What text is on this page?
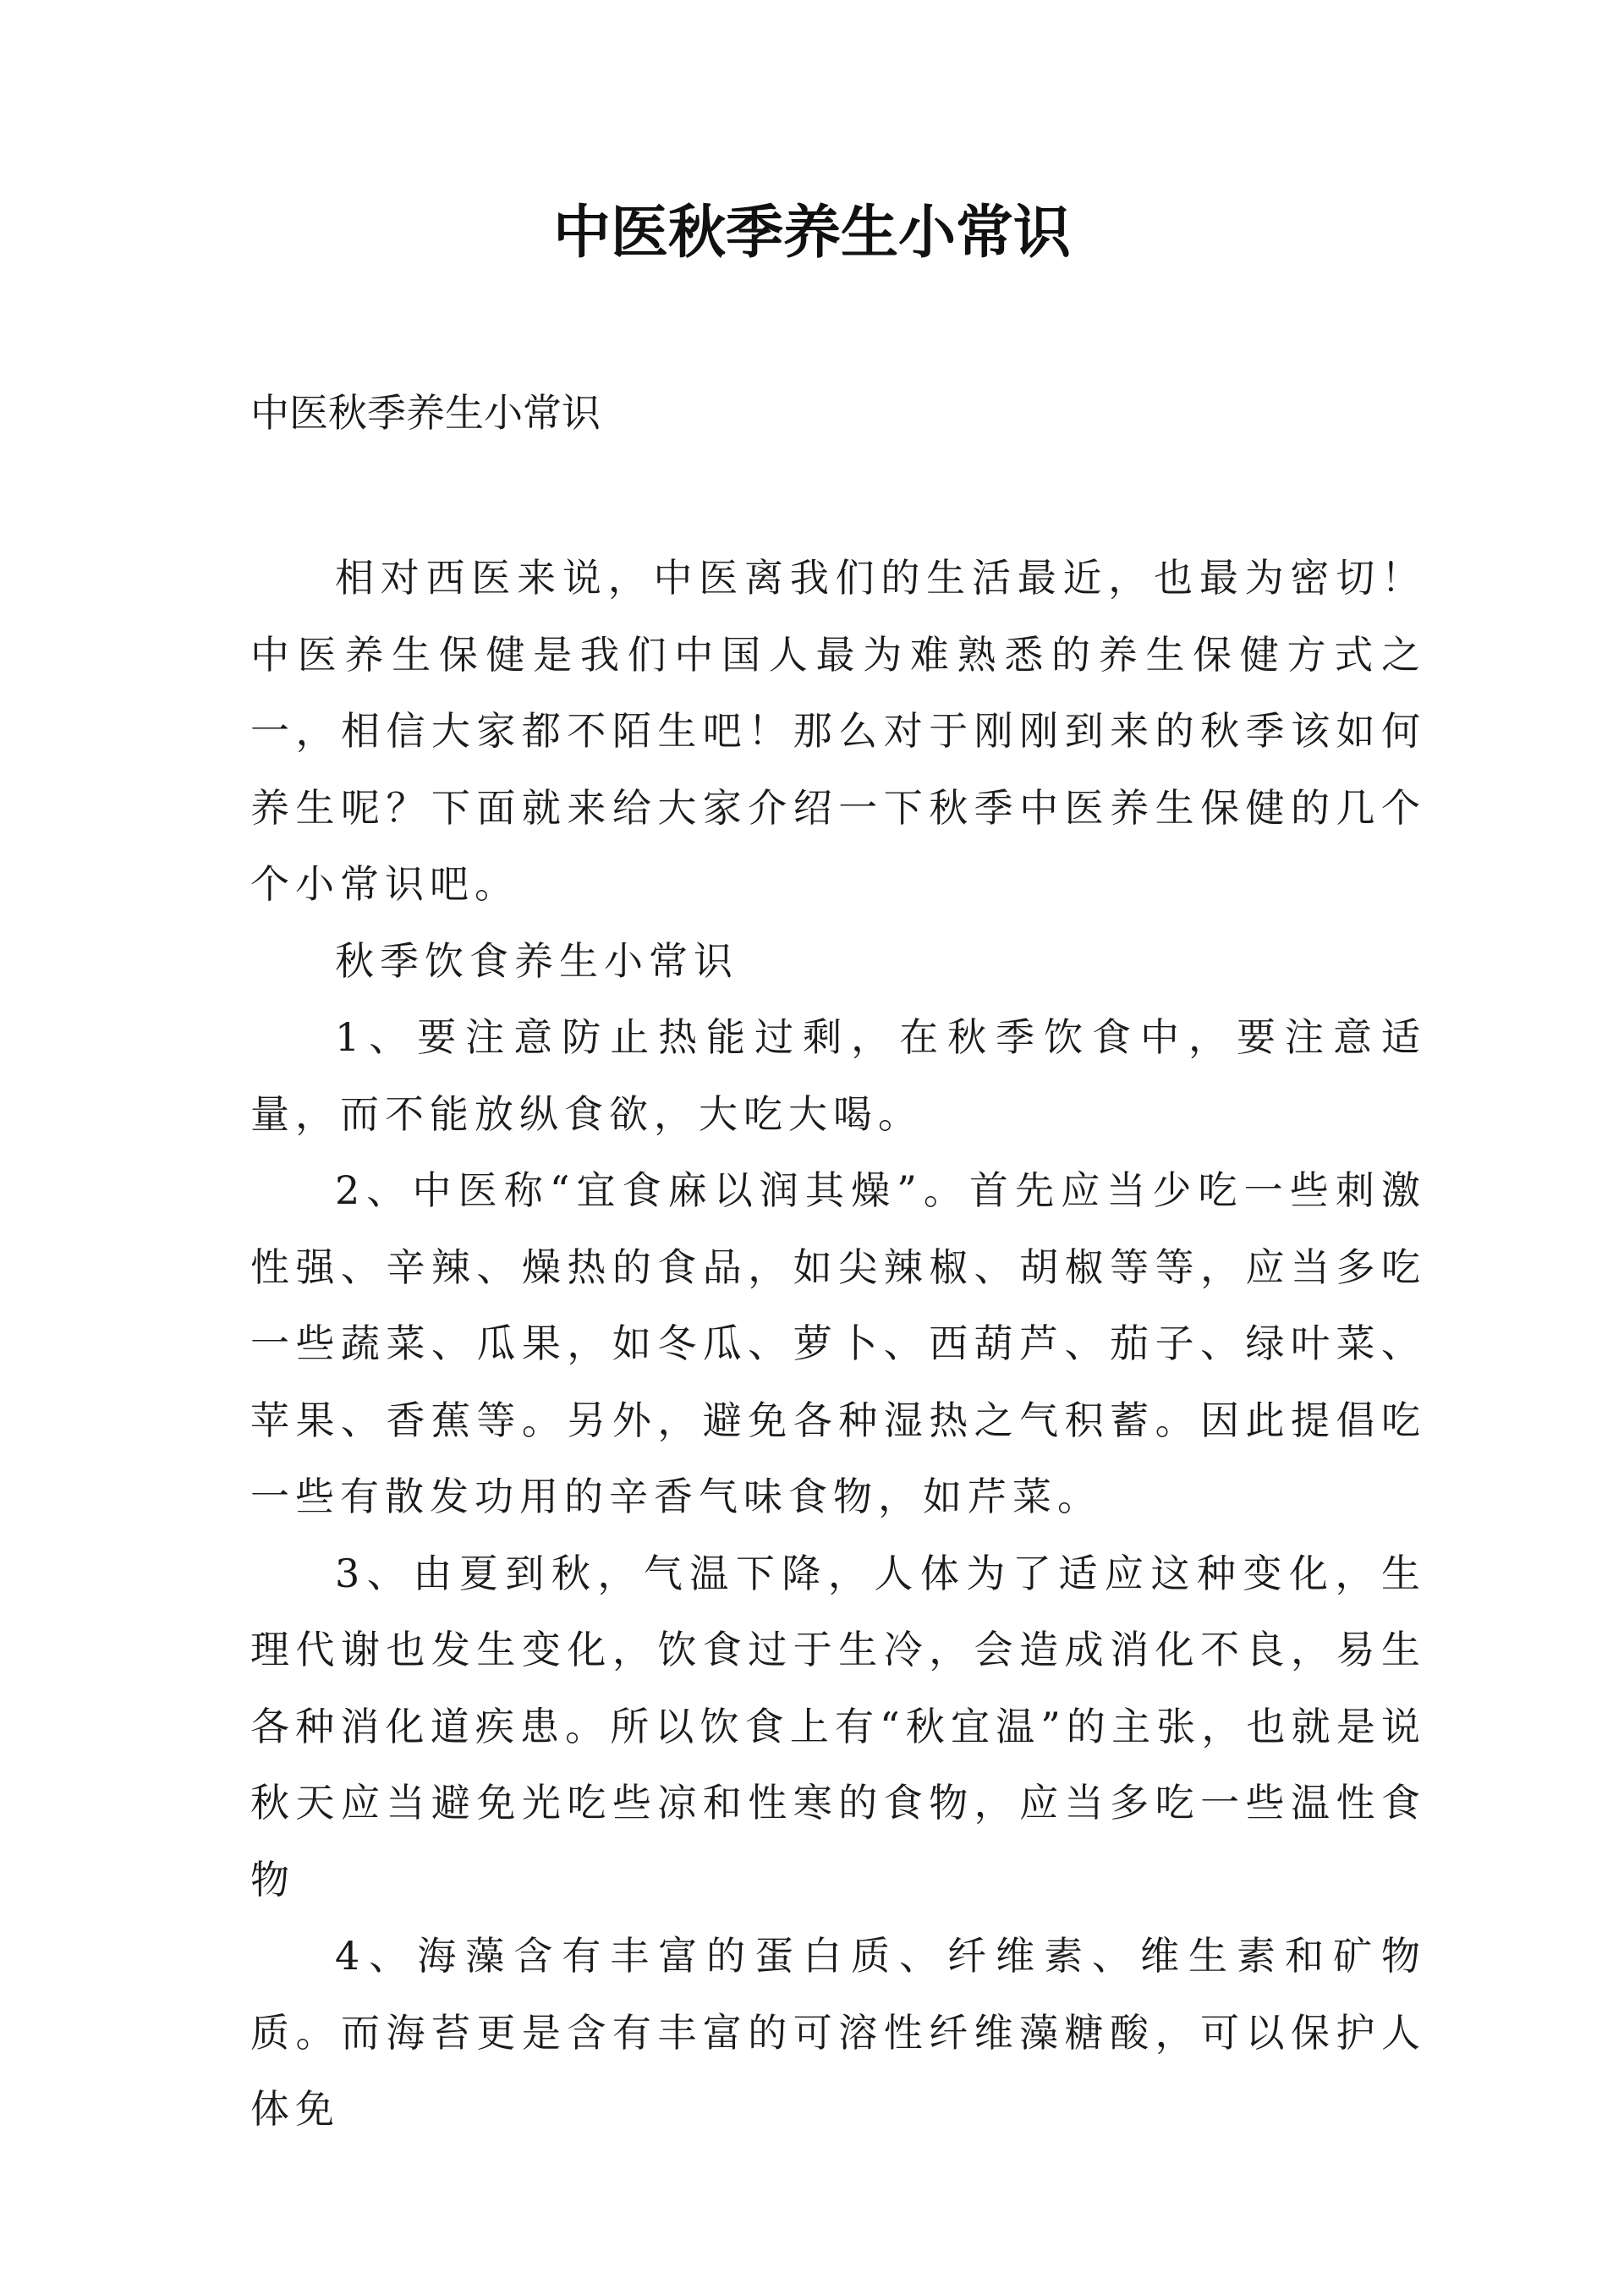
中医秋季养生小常识

中医秋季养生小常识

相对西医来说，中医离我们的生活最近，也最为密切！中医养生保健是我们中国人最为难熟悉的养生保健方式之一，相信大家都不陌生吧！那么对于刚刚到来的秋季该如何养生呢？下面就来给大家介绍一下秋季中医养生保健的几个个小常识吧。

秋季饮食养生小常识

1、要注意防止热能过剩，在秋季饮食中，要注意适量，而不能放纵食欲，大吃大喝。

2、中医称“宜食麻以润其燥”。首先应当少吃一些刺激性强、辛辣、燥热的食品，如尖辣椒、胡椒等等，应当多吃一些蔬菜、瓜果，如冬瓜、萝卜、西葫芦、茄子、绿叶菜、苹果、香蕉等。另外，避免各种湿热之气积蓄。因此提倡吃一些有散发功用的辛香气味食物，如芹菜。

3、由夏到秋，气温下降，人体为了适应这种变化，生理代谢也发生变化，饮食过于生冷，会造成消化不良，易生各种消化道疾患。所以饮食上有“秋宜温”的主张，也就是说秋天应当避免光吃些凉和性寒的食物，应当多吃一些温性食物

4、海藻含有丰富的蛋白质、纤维素、维生素和矿物质。而海苔更是含有丰富的可溶性纤维藻糖酸，可以保护人体免
